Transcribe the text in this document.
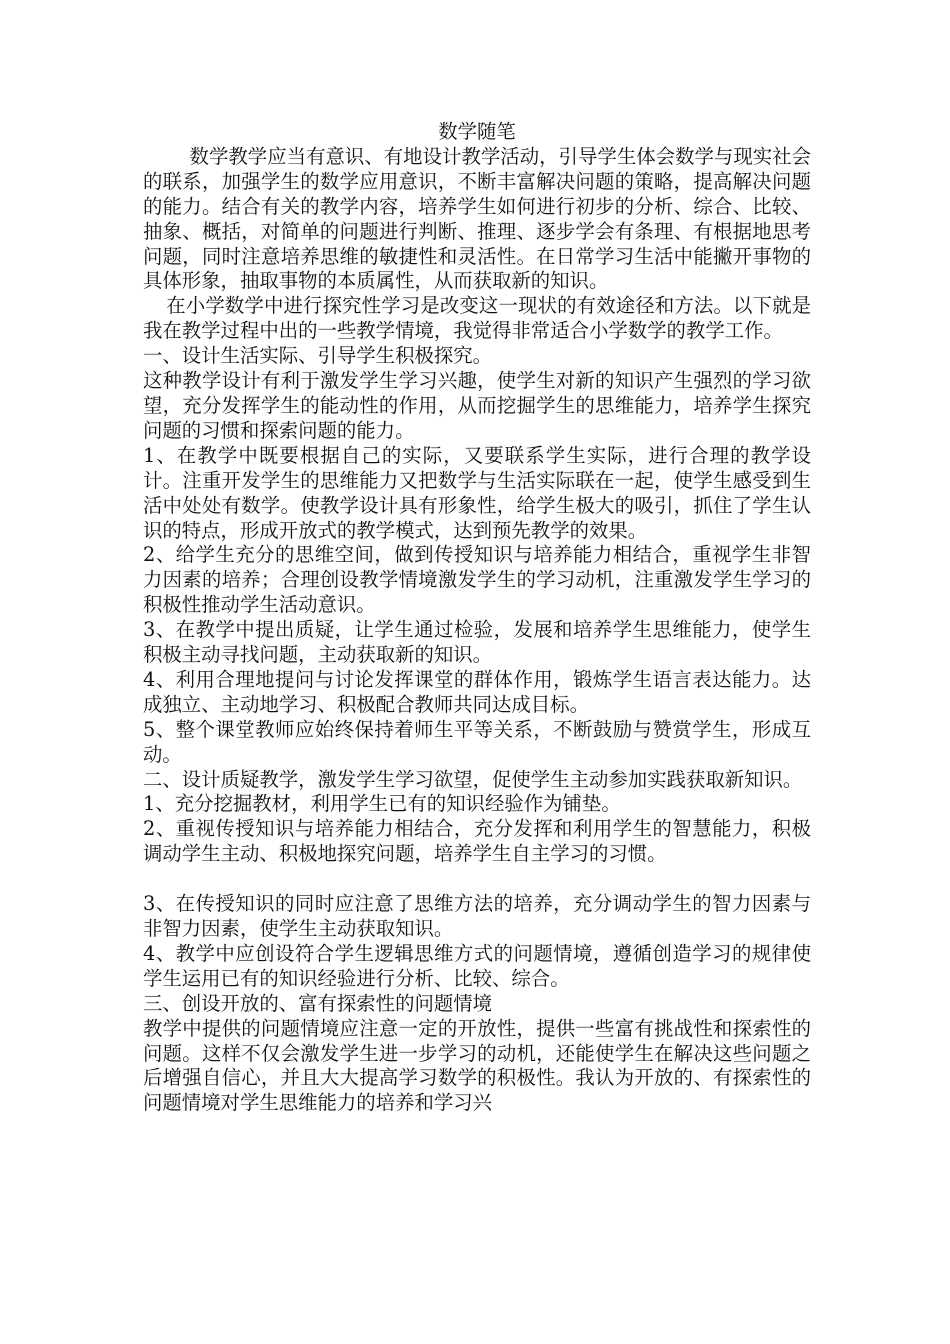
数学随笔

数学教学应当有意识、有地设计教学活动，引导学生体会数学与现实社会的联系，加强学生的数学应用意识，不断丰富解决问题的策略，提高解决问题的能力。结合有关的教学内容，培养学生如何进行初步的分析、综合、比较、抽象、概括，对简单的问题进行判断、推理、逐步学会有条理、有根据地思考问题，同时注意培养思维的敏捷性和灵活性。在日常学习生活中能撇开事物的具体形象，抽取事物的本质属性，从而获取新的知识。

在小学数学中进行探究性学习是改变这一现状的有效途径和方法。以下就是我在教学过程中出的一些教学情境，我觉得非常适合小学数学的教学工作。

一、设计生活实际、引导学生积极探究。

这种教学设计有利于激发学生学习兴趣，使学生对新的知识产生强烈的学习欲望，充分发挥学生的能动性的作用，从而挖掘学生的思维能力，培养学生探究问题的习惯和探索问题的能力。

1、在教学中既要根据自己的实际，又要联系学生实际，进行合理的教学设计。注重开发学生的思维能力又把数学与生活实际联在一起，使学生感受到生活中处处有数学。使教学设计具有形象性，给学生极大的吸引，抓住了学生认识的特点，形成开放式的教学模式，达到预先教学的效果。

2、给学生充分的思维空间，做到传授知识与培养能力相结合，重视学生非智力因素的培养；合理创设教学情境激发学生的学习动机，注重激发学生学习的积极性推动学生活动意识。

3、在教学中提出质疑，让学生通过检验，发展和培养学生思维能力，使学生积极主动寻找问题，主动获取新的知识。

4、利用合理地提问与讨论发挥课堂的群体作用，锻炼学生语言表达能力。达成独立、主动地学习、积极配合教师共同达成目标。

5、整个课堂教师应始终保持着师生平等关系，不断鼓励与赞赏学生，形成互动。

二、设计质疑教学，激发学生学习欲望，促使学生主动参加实践获取新知识。

1、充分挖掘教材，利用学生已有的知识经验作为铺垫。

2、重视传授知识与培养能力相结合，充分发挥和利用学生的智慧能力，积极调动学生主动、积极地探究问题，培养学生自主学习的习惯。

3、在传授知识的同时应注意了思维方法的培养，充分调动学生的智力因素与非智力因素，使学生主动获取知识。

4、教学中应创设符合学生逻辑思维方式的问题情境，遵循创造学习的规律使学生运用已有的知识经验进行分析、比较、综合。

三、创设开放的、富有探索性的问题情境

教学中提供的问题情境应注意一定的开放性，提供一些富有挑战性和探索性的问题。这样不仅会激发学生进一步学习的动机，还能使学生在解决这些问题之后增强自信心，并且大大提高学习数学的积极性。我认为开放的、有探索性的问题情境对学生思维能力的培养和学习兴
